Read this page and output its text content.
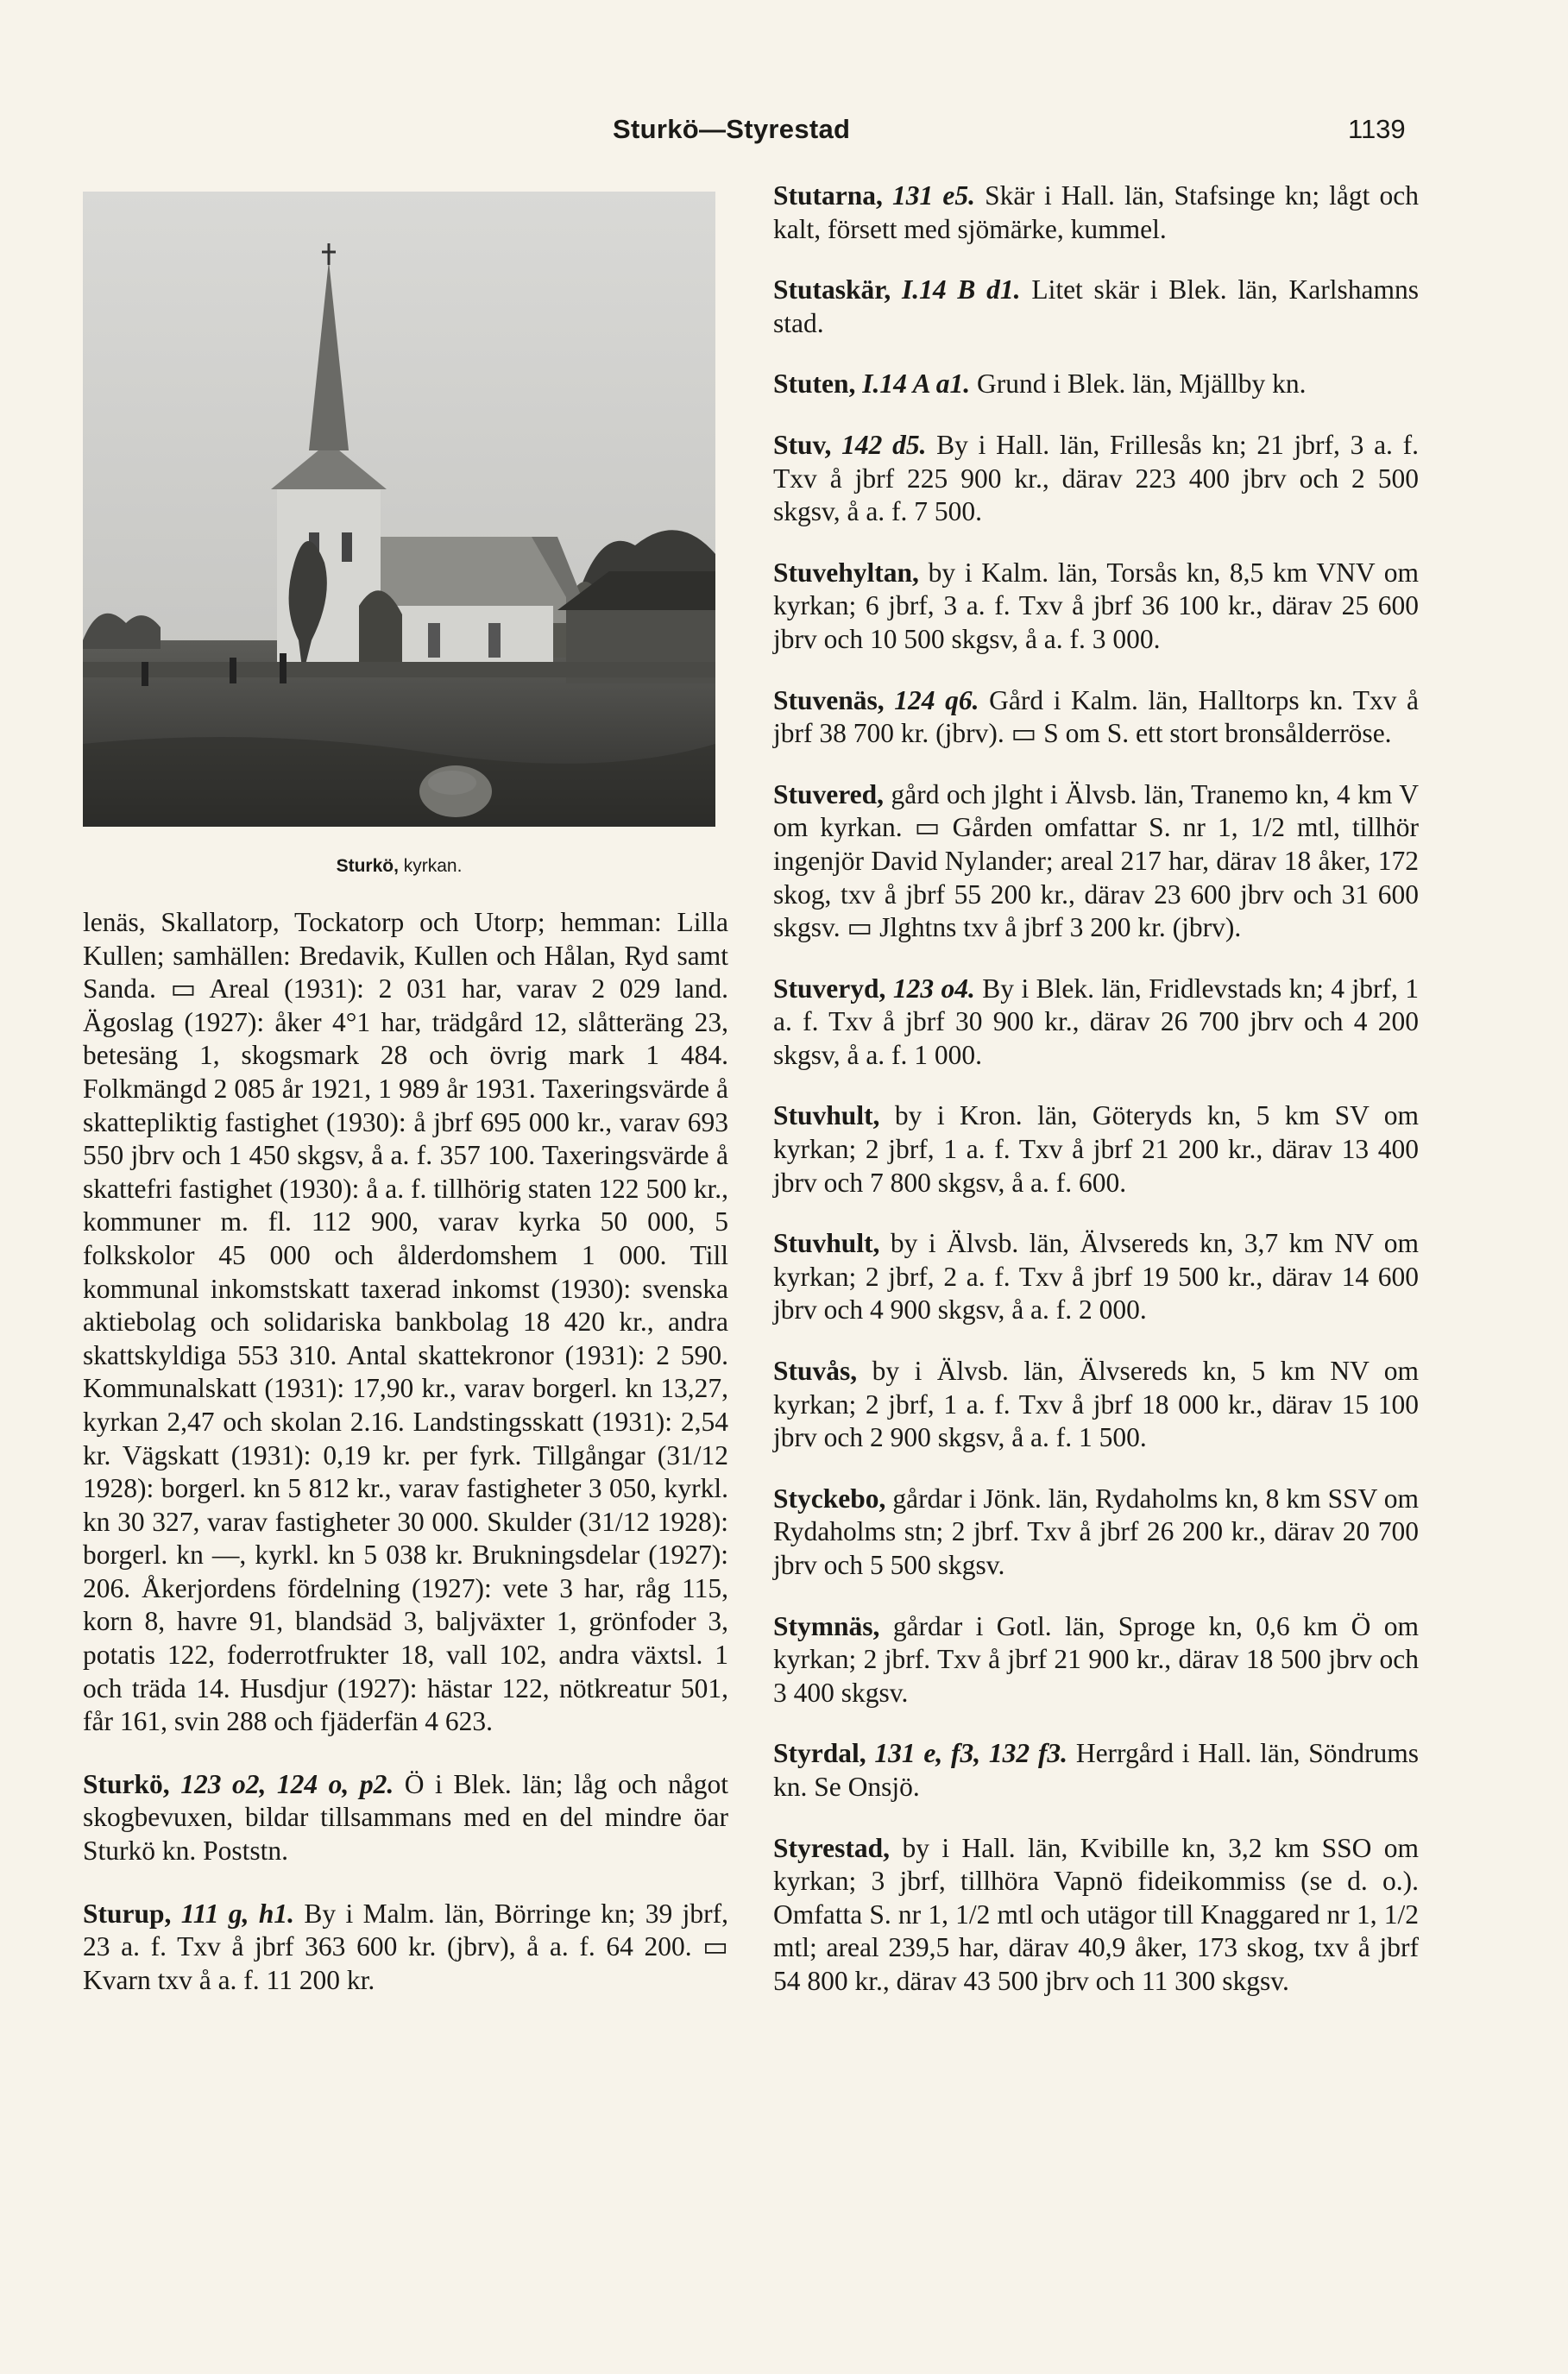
Sturkö—Styrestad	1139
Sturkö, kyrkan.
lenäs, Skallatorp, Tockatorp och Utorp; hemman: Lilla Kullen; samhällen: Bredavik, Kullen och Hålan, Ryd samt Sanda. ▭ Areal (1931): 2 031 har, varav 2 029 land. Ägoslag (1927): åker 4°1 har, trädgård 12, slåtteräng 23, betesäng 1, skogsmark 28 och övrig mark 1 484. Folkmängd 2 085 år 1921, 1 989 år 1931. Taxeringsvärde å skattepliktig fastighet (1930): å jbrf 695 000 kr., varav 693 550 jbrv och 1 450 skgsv, å a. f. 357 100. Taxeringsvärde å skattefri fastighet (1930): å a. f. tillhörig staten 122 500 kr., kommuner m. fl. 112 900, varav kyrka 50 000, 5 folkskolor 45 000 och ålderdomshem 1 000. Till kommunal inkomstskatt taxerad inkomst (1930): svenska aktiebolag och solidariska bankbolag 18 420 kr., andra skattskyldiga 553 310. Antal skattekronor (1931): 2 590. Kommunalskatt (1931): 17,90 kr., varav borgerl. kn 13,27, kyrkan 2,47 och skolan 2.16. Landstingsskatt (1931): 2,54 kr. Vägskatt (1931): 0,19 kr. per fyrk. Tillgångar (31/12 1928): borgerl. kn 5 812 kr., varav fastigheter 3 050, kyrkl. kn 30 327, varav fastigheter 30 000. Skulder (31/12 1928): borgerl. kn —, kyrkl. kn 5 038 kr. Brukningsdelar (1927): 206. Åkerjordens fördelning (1927): vete 3 har, råg 115, korn 8, havre 91, blandsäd 3, baljväxter 1, grönfoder 3, potatis 122, foderrotfrukter 18, vall 102, andra växtsl. 1 och träda 14. Husdjur (1927): hästar 122, nötkreatur 501, får 161, svin 288 och fjäderfän 4 623.
Sturkö, 123 o2, 124 o, p2. Ö i Blek. län; låg och något skogbevuxen, bildar tillsammans med en del mindre öar Sturkö kn. Poststn.
Sturup, 111 g, h1. By i Malm. län, Börringe kn; 39 jbrf, 23 a. f. Txv å jbrf 363 600 kr. (jbrv), å a. f. 64 200. ▭ Kvarn txv å a. f. 11 200 kr.
Stutarna, 131 e5. Skär i Hall. län, Stafsinge kn; lågt och kalt, försett med sjömärke, kummel.
Stutaskär, I.14 B d1. Litet skär i Blek. län, Karlshamns stad.
Stuten, I.14 A a1. Grund i Blek. län, Mjällby kn.
Stuv, 142 d5. By i Hall. län, Frillesås kn; 21 jbrf, 3 a. f. Txv å jbrf 225 900 kr., därav 223 400 jbrv och 2 500 skgsv, å a. f. 7 500.
Stuvehyltan, by i Kalm. län, Torsås kn, 8,5 km VNV om kyrkan; 6 jbrf, 3 a. f. Txv å jbrf 36 100 kr., därav 25 600 jbrv och 10 500 skgsv, å a. f. 3 000.
Stuvenäs, 124 q6. Gård i Kalm. län, Halltorps kn. Txv å jbrf 38 700 kr. (jbrv). ▭ S om S. ett stort bronsålderröse.
Stuvered, gård och jlght i Älvsb. län, Tranemo kn, 4 km V om kyrkan. ▭ Gården omfattar S. nr 1, 1/2 mtl, tillhör ingenjör David Nylander; areal 217 har, därav 18 åker, 172 skog, txv å jbrf 55 200 kr., därav 23 600 jbrv och 31 600 skgsv. ▭ Jlghtns txv å jbrf 3 200 kr. (jbrv).
Stuveryd, 123 o4. By i Blek. län, Fridlevstads kn; 4 jbrf, 1 a. f. Txv å jbrf 30 900 kr., därav 26 700 jbrv och 4 200 skgsv, å a. f. 1 000.
Stuvhult, by i Kron. län, Göteryds kn, 5 km SV om kyrkan; 2 jbrf, 1 a. f. Txv å jbrf 21 200 kr., därav 13 400 jbrv och 7 800 skgsv, å a. f. 600.
Stuvhult, by i Älvsb. län, Älvsereds kn, 3,7 km NV om kyrkan; 2 jbrf, 2 a. f. Txv å jbrf 19 500 kr., därav 14 600 jbrv och 4 900 skgsv, å a. f. 2 000.
Stuvås, by i Älvsb. län, Älvsereds kn, 5 km NV om kyrkan; 2 jbrf, 1 a. f. Txv å jbrf 18 000 kr., därav 15 100 jbrv och 2 900 skgsv, å a. f. 1 500.
Styckebo, gårdar i Jönk. län, Rydaholms kn, 8 km SSV om Rydaholms stn; 2 jbrf. Txv å jbrf 26 200 kr., därav 20 700 jbrv och 5 500 skgsv.
Stymnäs, gårdar i Gotl. län, Sproge kn, 0,6 km Ö om kyrkan; 2 jbrf. Txv å jbrf 21 900 kr., därav 18 500 jbrv och 3 400 skgsv.
Styrdal, 131 e, f3, 132 f3. Herrgård i Hall. län, Söndrums kn. Se Onsjö.
Styrestad, by i Hall. län, Kvibille kn, 3,2 km SSO om kyrkan; 3 jbrf, tillhöra Vapnö fideikommiss (se d. o.). Omfatta S. nr 1, 1/2 mtl och utägor till Knaggared nr 1, 1/2 mtl; areal 239,5 har, därav 40,9 åker, 173 skog, txv å jbrf 54 800 kr., därav 43 500 jbrv och 11 300 skgsv.
